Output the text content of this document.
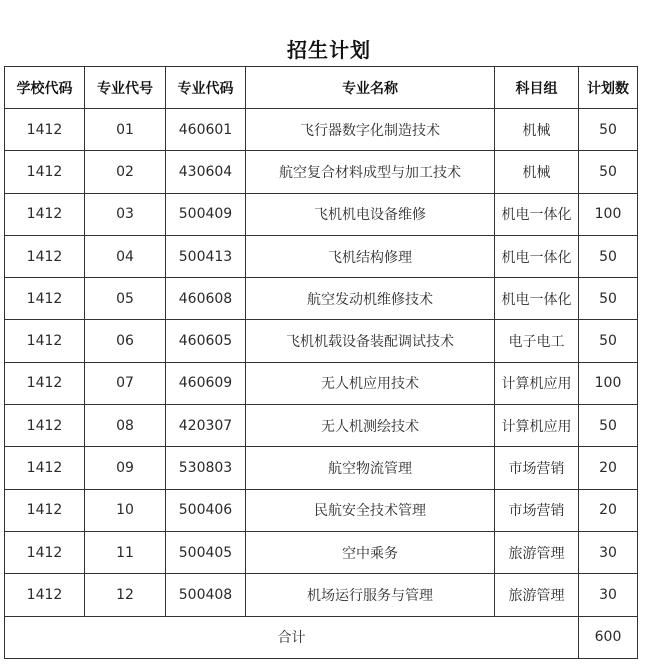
招生计划
学校代码	专业代号	专业代码	专业名称	科目组	计划数
1412	01	460601	飞行器数字化制造技术	机械	50
1412	02	430604	航空复合材料成型与加工技术	机械	50
1412	03	500409	飞机机电设备维修	机电一体化	100
1412	04	500413	飞机结构修理	机电一体化	50
1412	05	460608	航空发动机维修技术	机电一体化	50
1412	06	460605	飞机机载设备装配调试技术	电子电工	50
1412	07	460609	无人机应用技术	计算机应用	100
1412	08	420307	无人机测绘技术	计算机应用	50
1412	09	530803	航空物流管理	市场营销	20
1412	10	500406	民航安全技术管理	市场营销	20
1412	11	500405	空中乘务	旅游管理	30
1412	12	500408	机场运行服务与管理	旅游管理	30
合计					600
